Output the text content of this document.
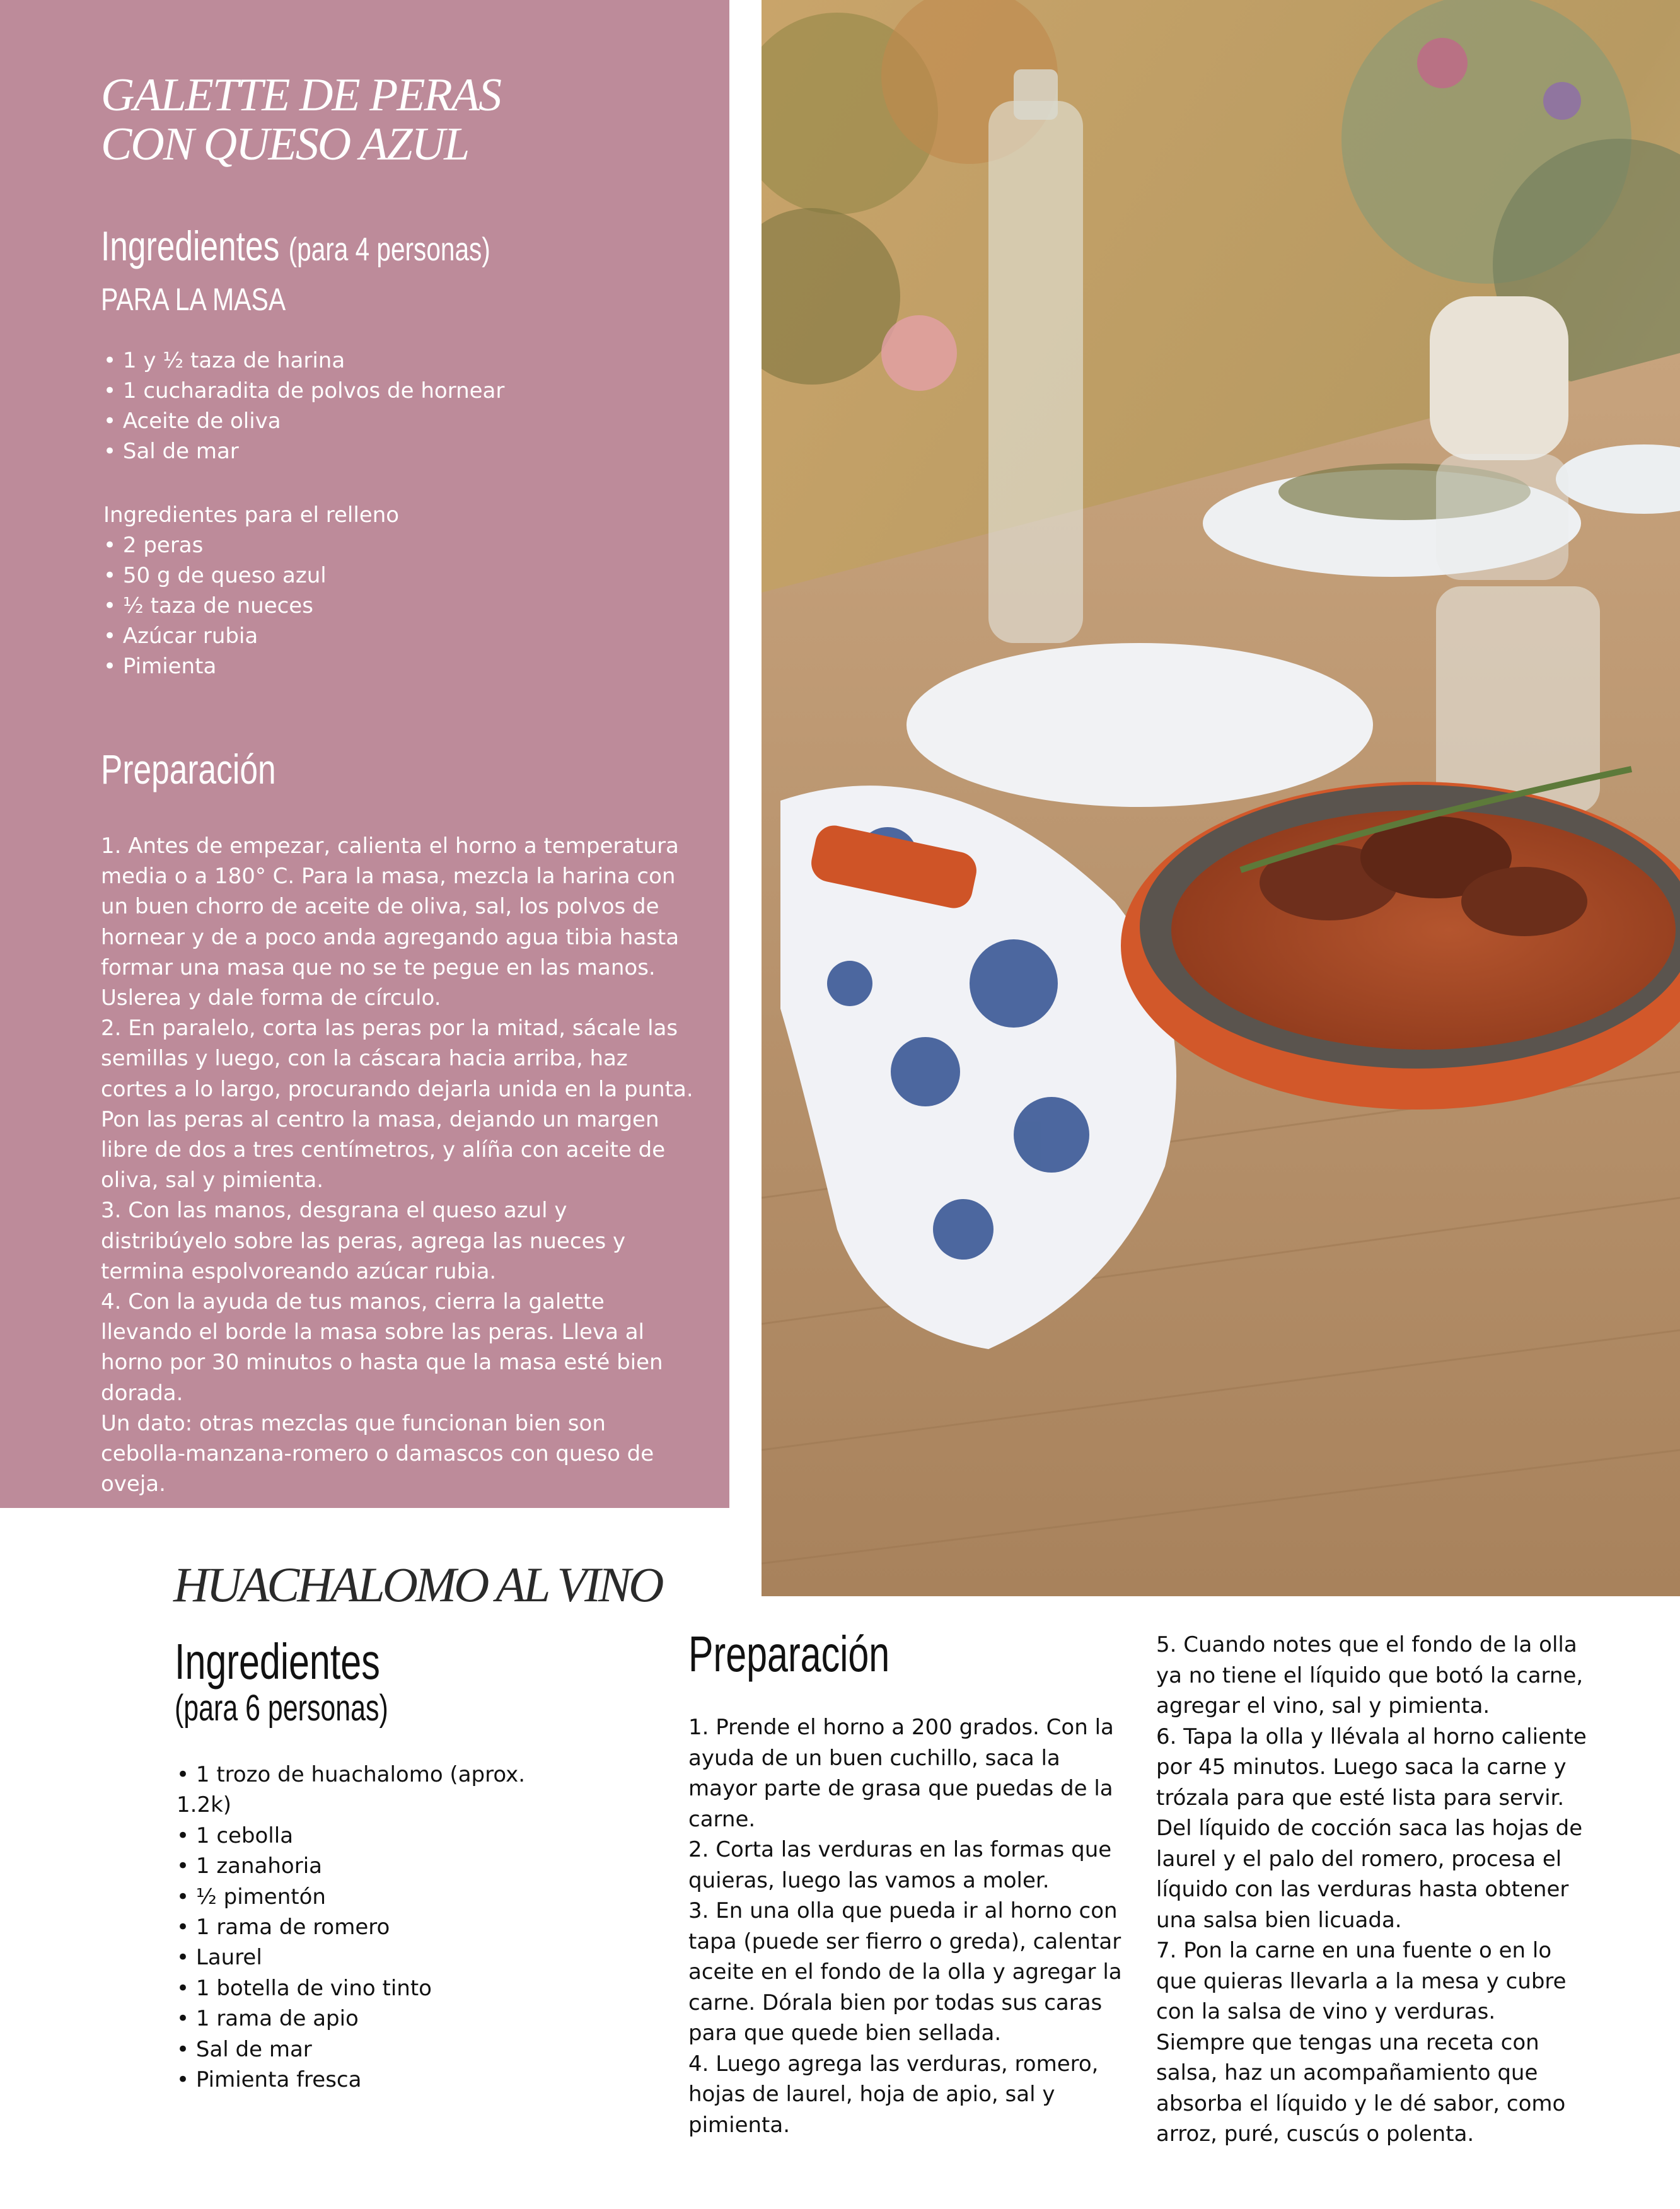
GALETTE DE PERAS
CON QUESO AZUL
Ingredientes (para 4 personas)
PARA LA MASA
• 1 y ½ taza de harina
• 1 cucharadita de polvos de hornear
• Aceite de oliva
• Sal de mar
Ingredientes para el relleno
• 2 peras
• 50 g de queso azul
• ½ taza de nueces
• Azúcar rubia
• Pimienta
Preparación

1. Antes de empezar, calienta el horno a temperatura media o a 180° C. Para la masa, mezcla la harina con un buen chorro de aceite de oliva, sal, los polvos de hornear y de a poco anda agregando agua tibia hasta formar una masa que no se te pegue en las manos. Uslerea y dale forma de círculo.

2. En paralelo, corta las peras por la mitad, sácale las semillas y luego, con la cáscara hacia arriba, haz cortes a lo largo, procurando dejarla unida en la punta.

Pon las peras al centro la masa, dejando un margen libre de dos a tres centímetros, y alíña con aceite de oliva, sal y pimienta.

3. Con las manos, desgrana el queso azul y distribúyelo sobre las peras, agrega las nueces y termina espolvoreando azúcar rubia.

4. Con la ayuda de tus manos, cierra la galette llevando el borde la masa sobre las peras. Lleva al horno por 30 minutos o hasta que la masa esté bien dorada.

Un dato: otras mezclas que funcionan bien son cebolla-manzana-romero o damascos con queso de oveja.

HUACHALOMO AL VINO
Ingredientes
(para 6 personas)
• 1 trozo de huachalomo (aprox. 1.2k)
• 1 cebolla
• 1 zanahoria
• ½ pimentón
• 1 rama de romero
• Laurel
• 1 botella de vino tinto
• 1 rama de apio
• Sal de mar
• Pimienta fresca
Preparación

1. Prende el horno a 200 grados. Con la ayuda de un buen cuchillo, saca la mayor parte de grasa que puedas de la carne.

2. Corta las verduras en las formas que quieras, luego las vamos a moler.

3. En una olla que pueda ir al horno con tapa (puede ser fierro o greda), calentar aceite en el fondo de la olla y agregar la carne. Dórala bien por todas sus caras para que quede bien sellada.

4. Luego agrega las verduras, romero, hojas de laurel, hoja de apio, sal y pimienta.

5. Cuando notes que el fondo de la olla ya no tiene el líquido que botó la carne, agregar el vino, sal y pimienta.

6. Tapa la olla y llévala al horno caliente por 45 minutos. Luego saca la carne y trózala para que esté lista para servir. Del líquido de cocción saca las hojas de laurel y el palo del romero, procesa el líquido con las verduras hasta obtener una salsa bien licuada.

7. Pon la carne en una fuente o en lo que quieras llevarla a la mesa y cubre con la salsa de vino y verduras.

Siempre que tengas una receta con salsa, haz un acompañamiento que absorba el líquido y le dé sabor, como arroz, puré, cuscús o polenta.
